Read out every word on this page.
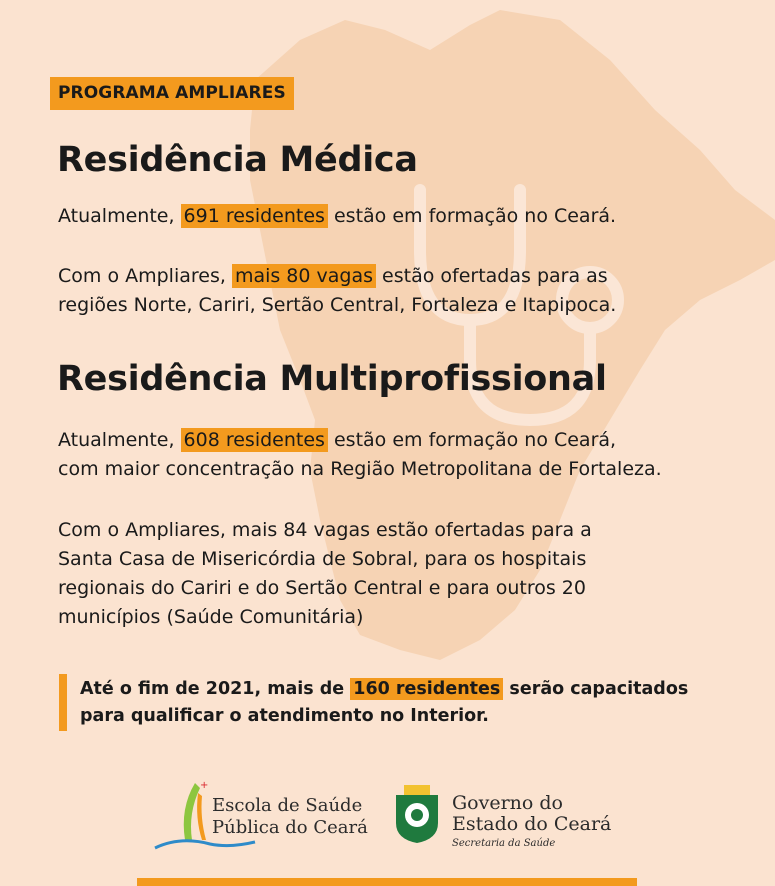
PROGRAMA AMPLIARES
Residência Médica

Atualmente, 691 residentes estão em formação no Ceará.

Com o Ampliares, mais 80 vagas estão ofertadas para as
regiões Norte, Cariri, Sertão Central, Fortaleza e Itapipoca.

Residência Multiprofissional

Atualmente, 608 residentes estão em formação no Ceará,
com maior concentração na Região Metropolitana de Fortaleza.

Com o Ampliares, mais 84 vagas estão ofertadas para a
Santa Casa de Misericórdia de Sobral, para os hospitais
regionais do Cariri e do Sertão Central e para outros 20
municípios (Saúde Comunitária)

Até o fim de 2021, mais de 160 residentes serão capacitados
para qualificar o atendimento no Interior.

+
Escola de Saúde
Pública do Ceará
Governo do
Estado do Ceará
Secretaria da Saúde
